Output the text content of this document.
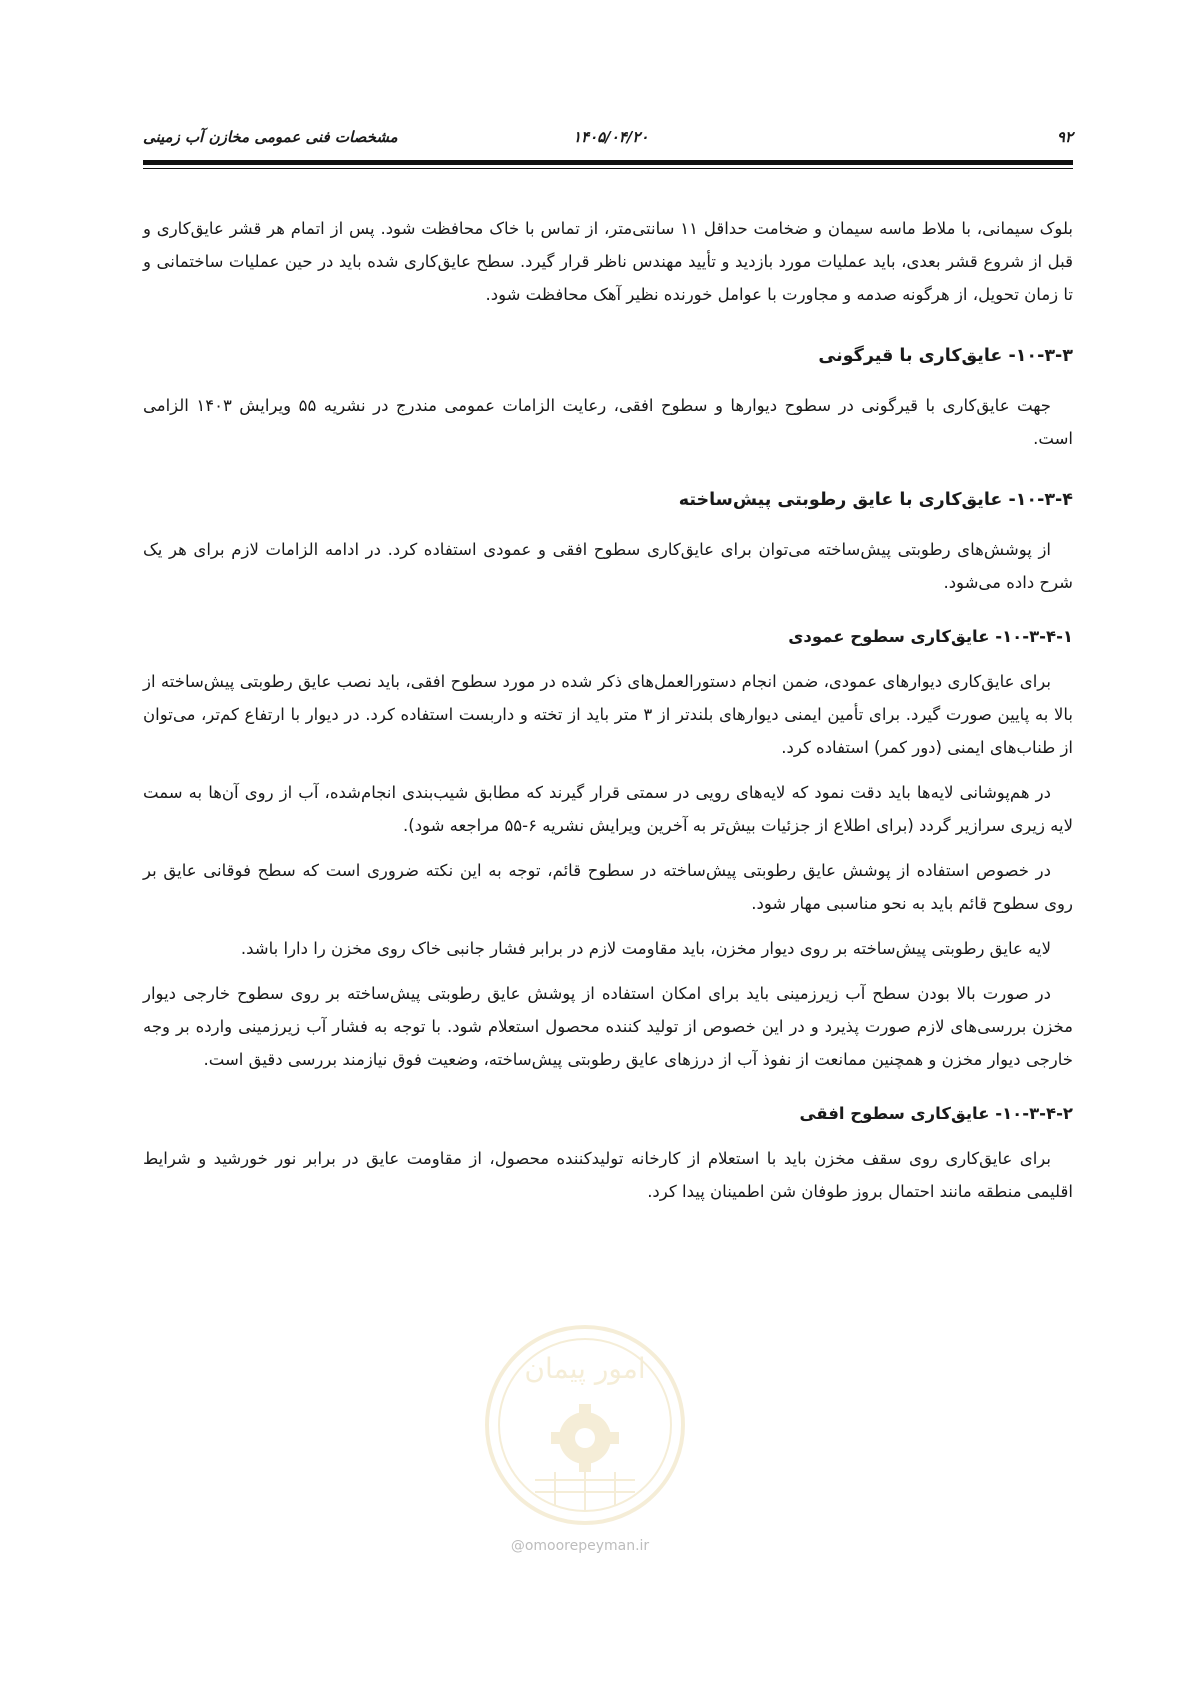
۹۲
۱۴۰۵/۰۴/۲۰
مشخصات فنی عمومی مخازن آب زمینی

بلوک سیمانی، با ملاط ماسه سیمان و ضخامت حداقل ۱۱ سانتی‌متر، از تماس با خاک محافظت شود. پس از اتمام هر قشر عایق‌کاری و قبل از شروع قشر بعدی، باید عملیات مورد بازدید و تأیید مهندس ناظر قرار گیرد. سطح عایق‌کاری شده باید در حین عملیات ساختمانی و تا زمان تحویل، از هرگونه صدمه و مجاورت با عوامل خورنده نظیر آهک محافظت شود.

۱۰-۳-۳- عایق‌کاری با قیرگونی

جهت عایق‌کاری با قیرگونی در سطوح دیوارها و سطوح افقی، رعایت الزامات عمومی مندرج در نشریه ۵۵ ویرایش ۱۴۰۳ الزامی است.

۱۰-۳-۴- عایق‌کاری با عایق رطوبتی پیش‌ساخته

از پوشش‌های رطوبتی پیش‌ساخته می‌توان برای عایق‌کاری سطوح افقی و عمودی استفاده کرد. در ادامه الزامات لازم برای هر یک شرح داده می‌شود.

۱۰-۳-۴-۱- عایق‌کاری سطوح عمودی

برای عایق‌کاری دیوارهای عمودی، ضمن انجام دستورالعمل‌های ذکر شده در مورد سطوح افقی، باید نصب عایق رطوبتی پیش‌ساخته از بالا به پایین صورت گیرد. برای تأمین ایمنی دیوارهای بلندتر از ۳ متر باید از تخته و داربست استفاده کرد. در دیوار با ارتفاع کم‌تر، می‌توان از طناب‌های ایمنی (دور کمر) استفاده کرد.

در هم‌پوشانی لایه‌ها باید دقت نمود که لایه‌های رویی در سمتی قرار گیرند که مطابق شیب‌بندی انجام‌شده، آب از روی آن‌ها به سمت لایه زیری سرازیر گردد (برای اطلاع از جزئیات بیش‌تر به آخرین ویرایش نشریه ۶-۵۵ مراجعه شود).

در خصوص استفاده از پوشش عایق رطوبتی پیش‌ساخته در سطوح قائم، توجه به این نکته ضروری است که سطح فوقانی عایق بر روی سطوح قائم باید به نحو مناسبی مهار شود.

لایه عایق رطوبتی پیش‌ساخته بر روی دیوار مخزن، باید مقاومت لازم در برابر فشار جانبی خاک روی مخزن را دارا باشد.

در صورت بالا بودن سطح آب زیرزمینی باید برای امکان استفاده از پوشش عایق رطوبتی پیش‌ساخته بر روی سطوح خارجی دیوار مخزن بررسی‌های لازم صورت پذیرد و در این خصوص از تولید کننده محصول استعلام شود. با توجه به فشار آب زیرزمینی وارده بر وجه خارجی دیوار مخزن و همچنین ممانعت از نفوذ آب از درزهای عایق رطوبتی پیش‌ساخته، وضعیت فوق نیازمند بررسی دقیق است.

۱۰-۳-۴-۲- عایق‌کاری سطوح افقی

برای عایق‌کاری روی سقف مخزن باید با استعلام از کارخانه تولیدکننده محصول، از مقاومت عایق در برابر نور خورشید و شرایط اقلیمی منطقه مانند احتمال بروز طوفان شن اطمینان پیدا کرد.

امور پیمان
@omoorepeyman.ir
